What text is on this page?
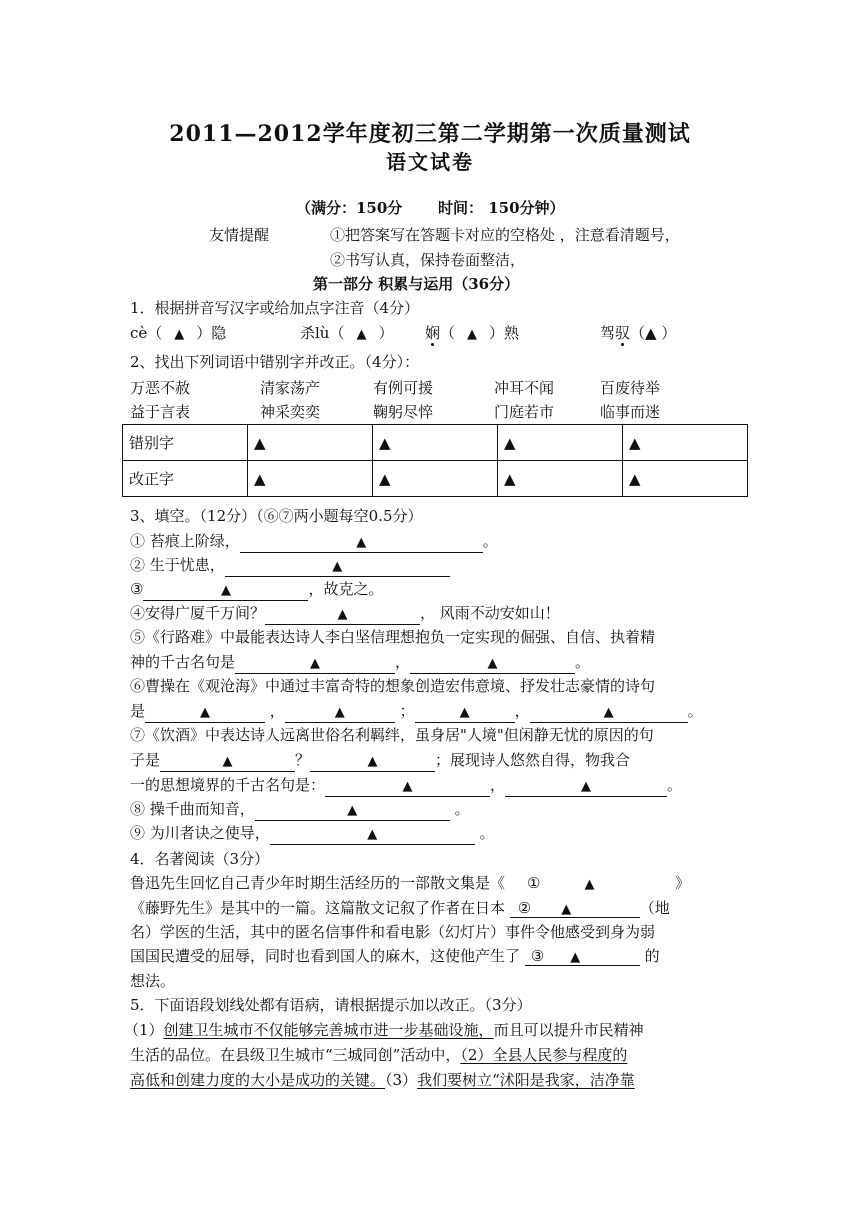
2011—2012学年度初三第二学期第一次质量测试
语文试卷
（满分：150分 时间： 150分钟）
友情提醒	①把答案写在答题卡对应的空格处 ，注意看清题号，
②书写认真，保持卷面整洁，
第一部分 积累与运用（36分）
1．根据拼音写汉字或给加点字注音（4分）
cè（ ▲ ）隐	杀lù（ ▲ ） 娴（ ▲ ）熟	驾驭（▲ ）
2、找出下列词语中错别字并改正。（4分）：
万恶不赦	清家荡产	有例可援	冲耳不闻	百废待举
益于言表	神采奕奕	鞠躬尽悴	门庭若市	临事而迷
错别字	▲	▲	▲	▲
改正字	▲	▲	▲	▲
3、填空。（12分）（⑥⑦两小题每空0.5分）
① 苔痕上阶绿，	▲	。
② 生于忧患，	▲
③	▲	，故克之。
④安得广厦千万间？	▲	， 风雨不动安如山！
⑤《行路难》中最能表达诗人李白坚信理想抱负一定实现的倔强、自信、执着精
神的千古名句是	▲	，	▲	。
⑥曹操在《观沧海》中通过丰富奇特的想象创造宏伟意境、抒发壮志豪情的诗句
是	▲	，	▲	；	▲	，	▲	。
⑦《饮酒》中表达诗人远离世俗名利羁绊，虽身居"人境"但闲静无忧的原因的句
子是	▲	？	▲	；展现诗人悠然自得，物我合
一的思想境界的千古名句是：	▲	，	▲	。
⑧ 操千曲而知音，	▲	。
⑨ 为川者诀之使导，	▲	。
4．名著阅读（3分）
鲁迅先生回忆自己青少年时期生活经历的一部散文集是《 ①	▲	》
《藤野先生》是其中的一篇。这篇散文记叙了作者在日本 ② ▲	（地
名）学医的生活，其中的匿名信事件和看电影（幻灯片）事件令他感受到身为弱
国国民遭受的屈辱，同时也看到国人的麻木，这使他产生了 ③ ▲	的
想法。
5．下面语段划线处都有语病，请根据提示加以改正。（3分）
（1）创建卫生城市不仅能够完善城市进一步基础设施，而且可以提升市民精神
生活的品位。在县级卫生城市“三城同创”活动中，（2）全县人民参与程度的
高低和创建力度的大小是成功的关键。（3）我们要树立“沭阳是我家，洁净靠
